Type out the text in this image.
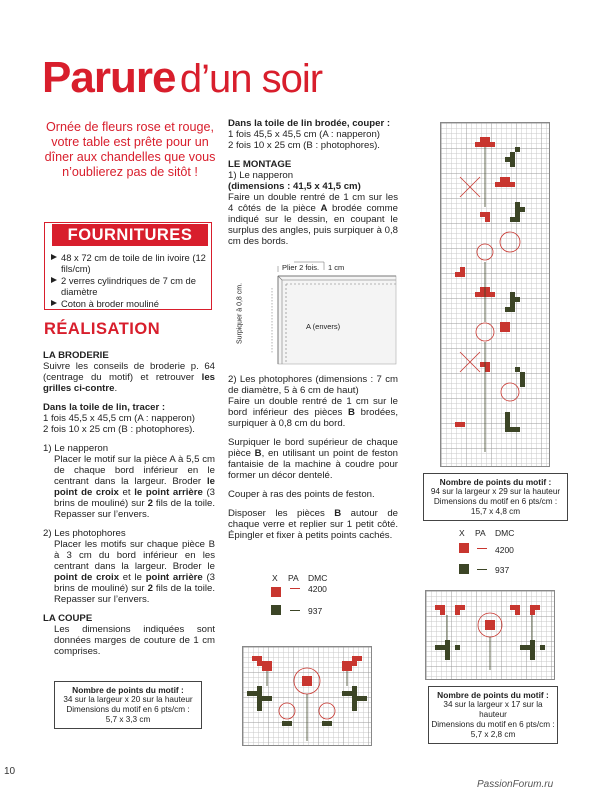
Parure d’un soir
Ornée de fleurs rose et rouge, votre table est prête pour un dîner aux chandelles que vous n’oublierez pas de sitôt !
FOURNITURES
48 x 72 cm de toile de lin ivoire (12 fils/cm)
2 verres cylindriques de 7 cm de diamètre
Coton à broder mouliné
RÉALISATION
LA BRODERIE

Suivre les conseils de broderie p. 64 (centrage du motif) et retrouver les grilles ci-contre.

Dans la toile de lin, tracer :
1 fois 45,5 x 45,5 cm (A : napperon)

2 fois 10 x 25 cm (B : photophores).

1) Le napperon

Placer le motif sur la pièce A à 5,5 cm de chaque bord inférieur en le centrant dans la largeur. Broder le point de croix et le point arrière (3 brins de mouliné) sur 2 fils de la toile. Repasser sur l’envers.

2) Les photophores

Placer les motifs sur chaque pièce B à 3 cm du bord inférieur en les centrant dans la largeur. Broder le point de croix et le point arrière (3 brins de mouliné) sur 2 fils de la toile. Repasser sur l’envers.

LA COUPE

Les dimensions indiquées sont données marges de couture de 1 cm comprises.

Dans la toile de lin brodée, couper :
1 fois 45,5 x 45,5 cm (A : napperon)

2 fois 10 x 25 cm (B : photophores).

LE MONTAGE
1) Le napperon
(dimensions : 41,5 x 41,5 cm)

Faire un double rentré de 1 cm sur les 4 côtés de la pièce A brodée comme indiqué sur le dessin, en coupant le surplus des angles, puis surpiquer à 0,8 cm des bords.

Plier 2 fois. 1 cm
Surpiquer à 0,8 cm.	A (envers)

2) Les photophores (dimensions : 7 cm de diamètre, 5 à 6 cm de haut)

Faire un double rentré de 1 cm sur le bord inférieur des pièces B brodées, surpiquer à 0,8 cm du bord.

Surpiquer le bord supérieur de chaque pièce B, en utilisant un point de feston fantaisie de la machine à coudre pour former un décor dentelé.

Couper à ras des points de feston.

Disposer les pièces B autour de chaque verre et replier sur 1 petit côté. Épingler et fixer à petits points cachés.

X PA DMC
4200
937
X PA DMC
4200
937
Nombre de points du motif :
94 sur la largeur x 29 sur la hauteur
Dimensions du motif en 6 pts/cm :
15,7 x 4,8 cm
Nombre de points du motif :
34 sur la largeur x 17 sur la hauteur
Dimensions du motif en 6 pts/cm :
5,7 x 2,8 cm
Nombre de points du motif :
34 sur la largeur x 20 sur la hauteur
Dimensions du motif en 6 pts/cm :
5,7 x 3,3 cm
10
PassionForum.ru
